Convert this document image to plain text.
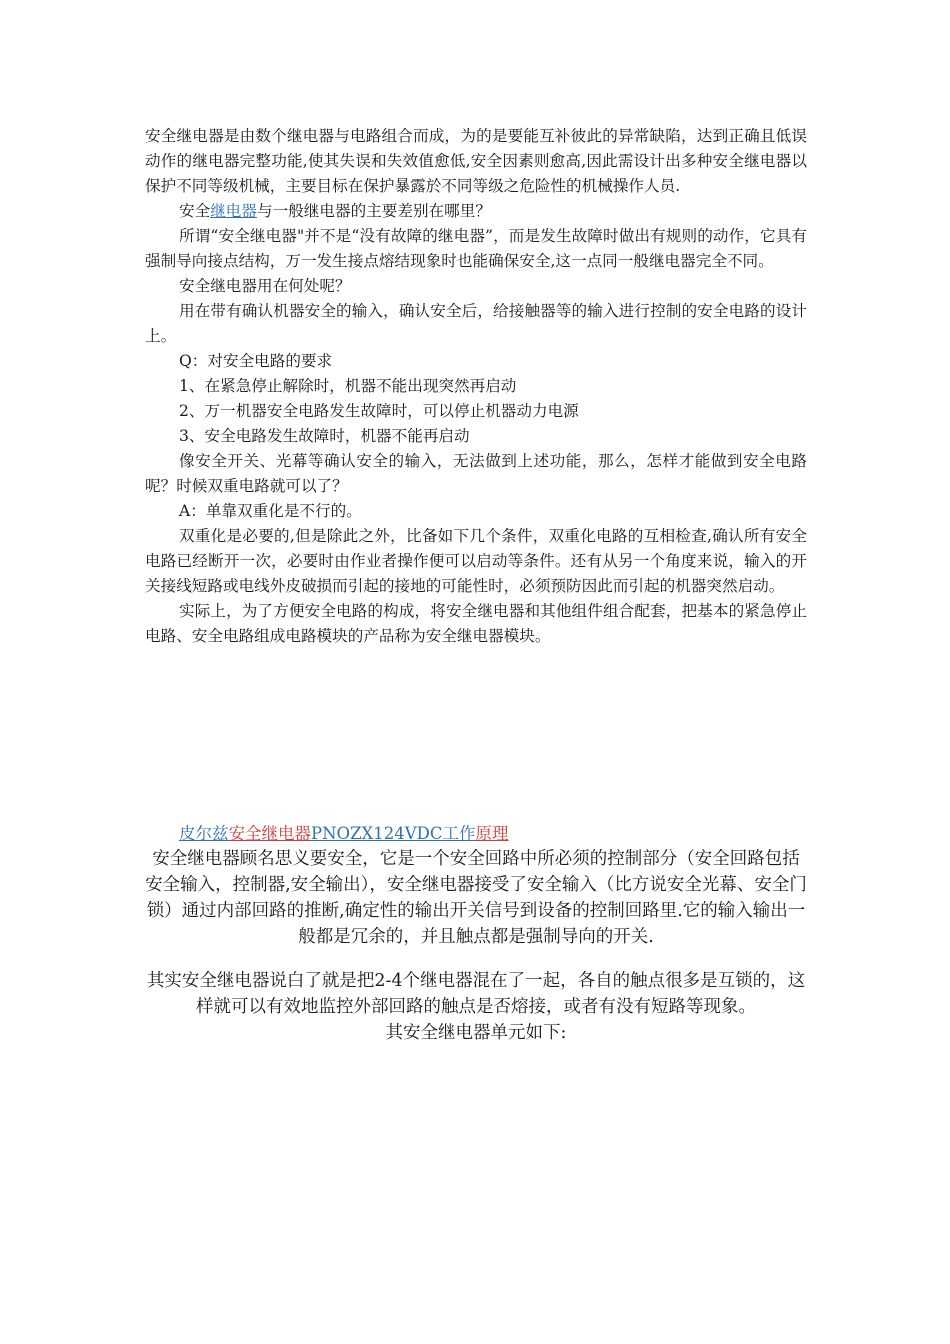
安全继电器是由数个继电器与电路组合而成，为的是要能互补彼此的异常缺陷，达到正确且低误动作的继电器完整功能,使其失误和失效值愈低,安全因素则愈高,因此需设计出多种安全继电器以保护不同等级机械，主要目标在保护暴露於不同等级之危险性的机械操作人员.

安全继电器与一般继电器的主要差别在哪里？

所谓“安全继电器"并不是“没有故障的继电器”，而是发生故障时做出有规则的动作，它具有强制导向接点结构，万一发生接点熔结现象时也能确保安全,这一点同一般继电器完全不同。

安全继电器用在何处呢？

用在带有确认机器安全的输入，确认安全后，给接触器等的输入进行控制的安全电路的设计上。

Q：对安全电路的要求

1、在紧急停止解除时，机器不能出现突然再启动

2、万一机器安全电路发生故障时，可以停止机器动力电源

3、安全电路发生故障时，机器不能再启动

像安全开关、光幕等确认安全的输入，无法做到上述功能，那么，怎样才能做到安全电路呢？时候双重电路就可以了？

A：单靠双重化是不行的。

双重化是必要的,但是除此之外，比备如下几个条件，双重化电路的互相检查,确认所有安全电路已经断开一次，必要时由作业者操作便可以启动等条件。还有从另一个角度来说，输入的开关接线短路或电线外皮破损而引起的接地的可能性时，必须预防因此而引起的机器突然启动。

实际上，为了方便安全电路的构成，将安全继电器和其他组件组合配套，把基本的紧急停止电路、安全电路组成电路模块的产品称为安全继电器模块。

皮尔兹安全继电器PNOZX124VDC工作原理

安全继电器顾名思义要安全，它是一个安全回路中所必须的控制部分（安全回路包括安全输入，控制器,安全输出），安全继电器接受了安全输入（比方说安全光幕、安全门锁）通过内部回路的推断,确定性的输出开关信号到设备的控制回路里.它的输入输出一般都是冗余的，并且触点都是强制导向的开关.

其实安全继电器说白了就是把2-4个继电器混在了一起，各自的触点很多是互锁的，这样就可以有效地监控外部回路的触点是否熔接，或者有没有短路等现象。

其安全继电器单元如下:
